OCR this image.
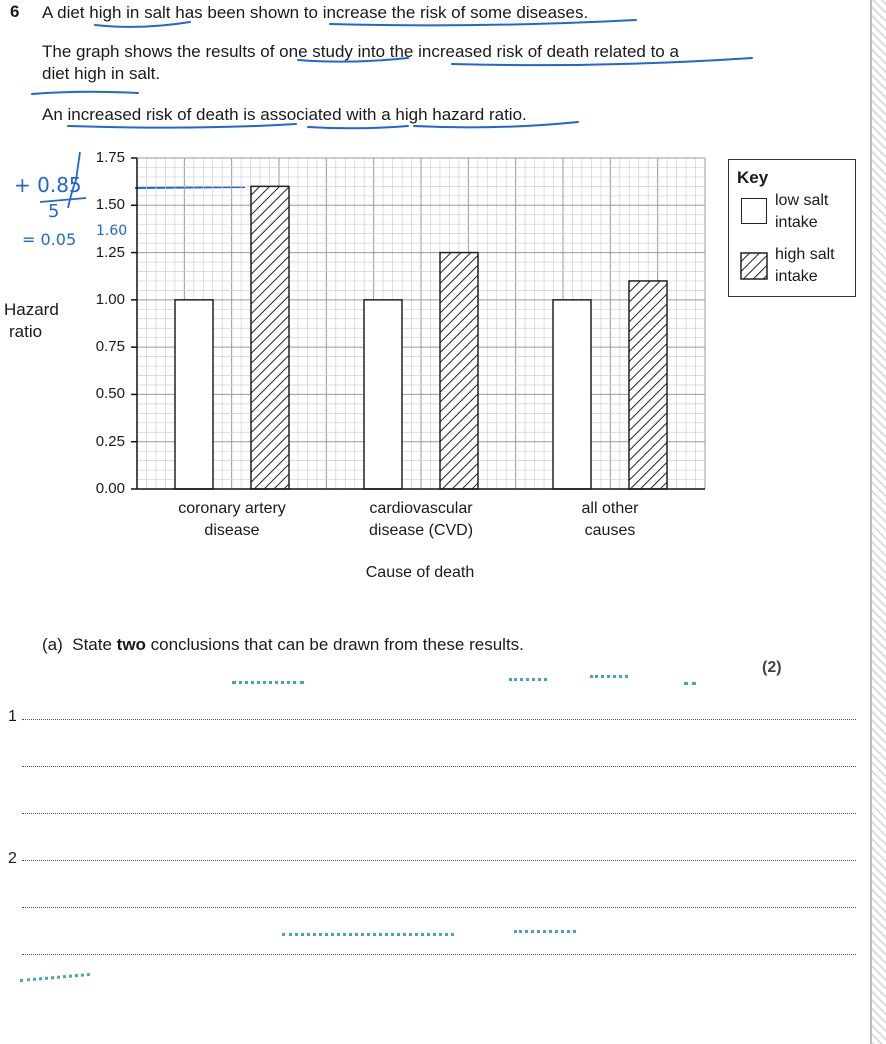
6 A diet high in salt has been shown to increase the risk of some diseases.
The graph shows the results of one study into the increased risk of death related to a
diet high in salt.
An increased risk of death is associated with a high hazard ratio.
+ 0.85
5
1.60
= 0.05
Hazard
ratio
0.00
0.25
0.50
0.75
1.00
1.25
1.50
1.75
coronary artery
disease
cardiovascular
disease (CVD)
all other
causes
Cause of death
Key
low salt
intake
high salt
intake
(a) State two conclusions that can be drawn from these results.
(2)
1
2
